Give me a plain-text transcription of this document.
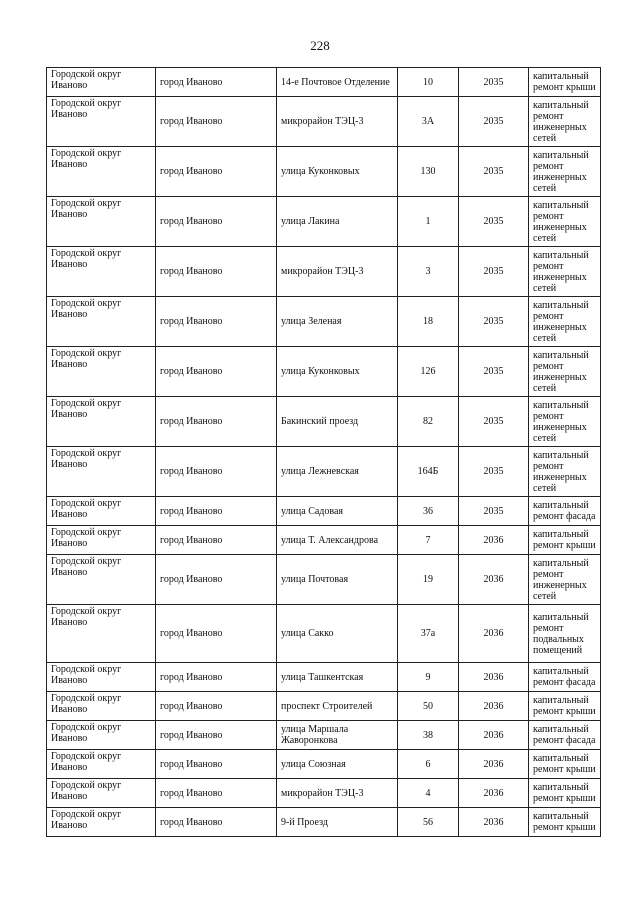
228
Городской округ Иваново	город Иваново	14-е Почтовое Отделение	10	2035	капитальный ремонт крыши
Городской округ Иваново	город Иваново	микрорайон ТЭЦ-3	3А	2035	капитальный ремонт инженерных сетей
Городской округ Иваново	город Иваново	улица Куконковых	130	2035	капитальный ремонт инженерных сетей
Городской округ Иваново	город Иваново	улица Лакина	1	2035	капитальный ремонт инженерных сетей
Городской округ Иваново	город Иваново	микрорайон ТЭЦ-3	3	2035	капитальный ремонт инженерных сетей
Городской округ Иваново	город Иваново	улица Зеленая	18	2035	капитальный ремонт инженерных сетей
Городской округ Иваново	город Иваново	улица Куконковых	126	2035	капитальный ремонт инженерных сетей
Городской округ Иваново	город Иваново	Бакинский проезд	82	2035	капитальный ремонт инженерных сетей
Городской округ Иваново	город Иваново	улица Лежневская	164Б	2035	капитальный ремонт инженерных сетей
Городской округ Иваново	город Иваново	улица Садовая	36	2035	капитальный ремонт фасада
Городской округ Иваново	город Иваново	улица Т. Александрова	7	2036	капитальный ремонт крыши
Городской округ Иваново	город Иваново	улица Почтовая	19	2036	капитальный ремонт инженерных сетей
Городской округ Иваново	город Иваново	улица Сакко	37а	2036	капитальный ремонт подвальных помещений
Городской округ Иваново	город Иваново	улица Ташкентская	9	2036	капитальный ремонт фасада
Городской округ Иваново	город Иваново	проспект Строителей	50	2036	капитальный ремонт крыши
Городской округ Иваново	город Иваново	улица Маршала Жаворонкова	38	2036	капитальный ремонт фасада
Городской округ Иваново	город Иваново	улица Союзная	6	2036	капитальный ремонт крыши
Городской округ Иваново	город Иваново	микрорайон ТЭЦ-3	4	2036	капитальный ремонт крыши
Городской округ Иваново	город Иваново	9-й Проезд	56	2036	капитальный ремонт крыши
